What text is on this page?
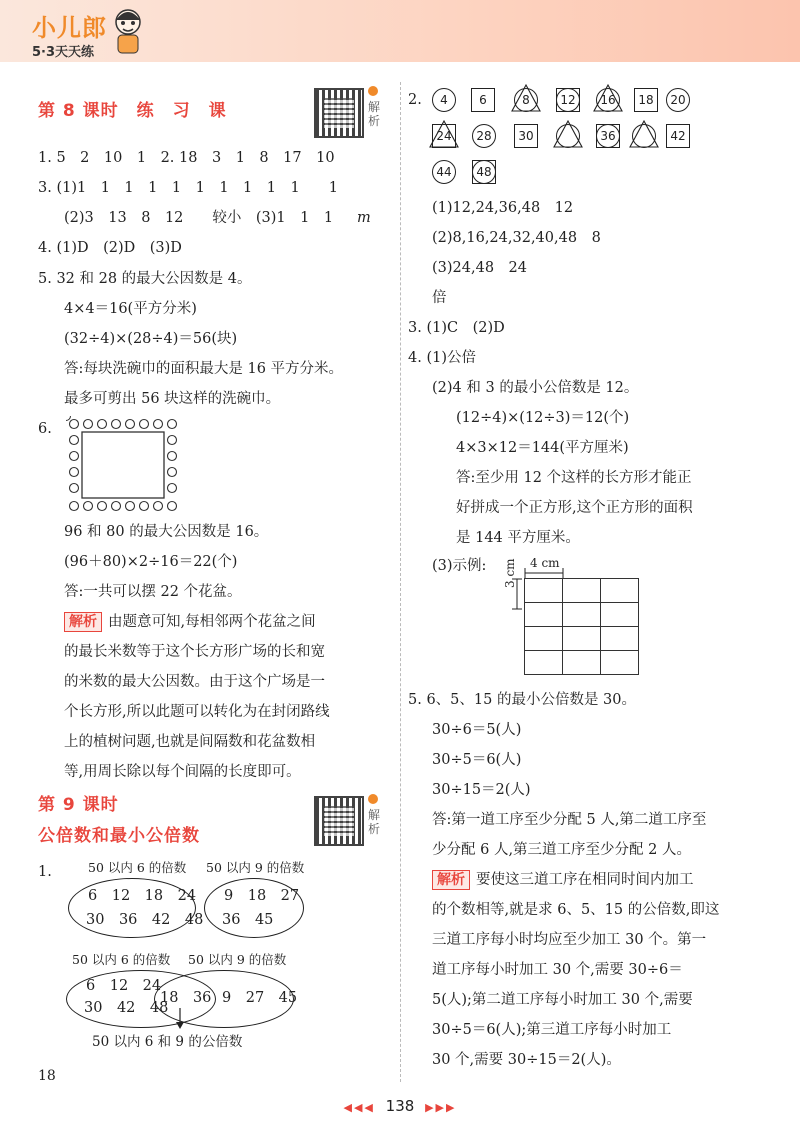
小儿郎
5·3天天练
第 8 课时　练　习　课	解析
1. 5　2　10　1　2. 18　3　1　8　17　10
3. (1)1　1　1　1　1　1　1　1　1　1　　1
(2)3　13　8　12　　较小　(3)1　1　1　 m
4. (1)D　(2)D　(3)D
5. 32 和 28 的最大公因数是 4。
4×4＝16(平方分米)
(32÷4)×(28÷4)＝56(块)
答:每块洗碗巾的面积最大是 16 平方分米。
最多可剪出 56 块这样的洗碗巾。
6.
96 和 80 的最大公因数是 16。
(96＋80)×2÷16＝22(个)
答:一共可以摆 22 个花盆。
解析 由题意可知,每相邻两个花盆之间
的最长米数等于这个长方形广场的长和宽
的米数的最大公因数。由于这个广场是一
个长方形,所以此题可以转化为在封闭路线
上的植树问题,也就是间隔数和花盆数相
等,用周长除以每个间隔的长度即可。
第 9 课时
公倍数和最小公倍数
解析
1.	50 以内 6 的倍数 50 以内 9 的倍数
6　12　18　24
30　36　42　48
9　18　27
36　45
50 以内 6 的倍数 50 以内 9 的倍数
6　12　24
30　42　48
18　36 9　27　45
50 以内 6 和 9 的公倍数
18
2.	4	6	8	12	16	18	20
24	28	30	36	42
44	48
(1)12,24,36,48　12
(2)8,16,24,32,40,48　8
(3)24,48　24
倍
3. (1)C　(2)D
4. (1)公倍
(2)4 和 3 的最小公倍数是 12。
(12÷4)×(12÷3)＝12(个)
4×3×12＝144(平方厘米)
答:至少用 12 个这样的长方形才能正
好拼成一个正方形,这个正方形的面积
是 144 平方厘米。
(3)示例:	4 cm
3 cm
5. 6、5、15 的最小公倍数是 30。
30÷6＝5(人)
30÷5＝6(人)
30÷15＝2(人)
答:第一道工序至少分配 5 人,第二道工序至
少分配 6 人,第三道工序至少分配 2 人。
解析 要使这三道工序在相同时间内加工
的个数相等,就是求 6、5、15 的公倍数,即这
三道工序每小时均应至少加工 30 个。第一
道工序每小时加工 30 个,需要 30÷6＝
5(人);第二道工序每小时加工 30 个,需要
30÷5＝6(人);第三道工序每小时加工
30 个,需要 30÷15＝2(人)。
◀◀◀ 138 ▶▶▶
